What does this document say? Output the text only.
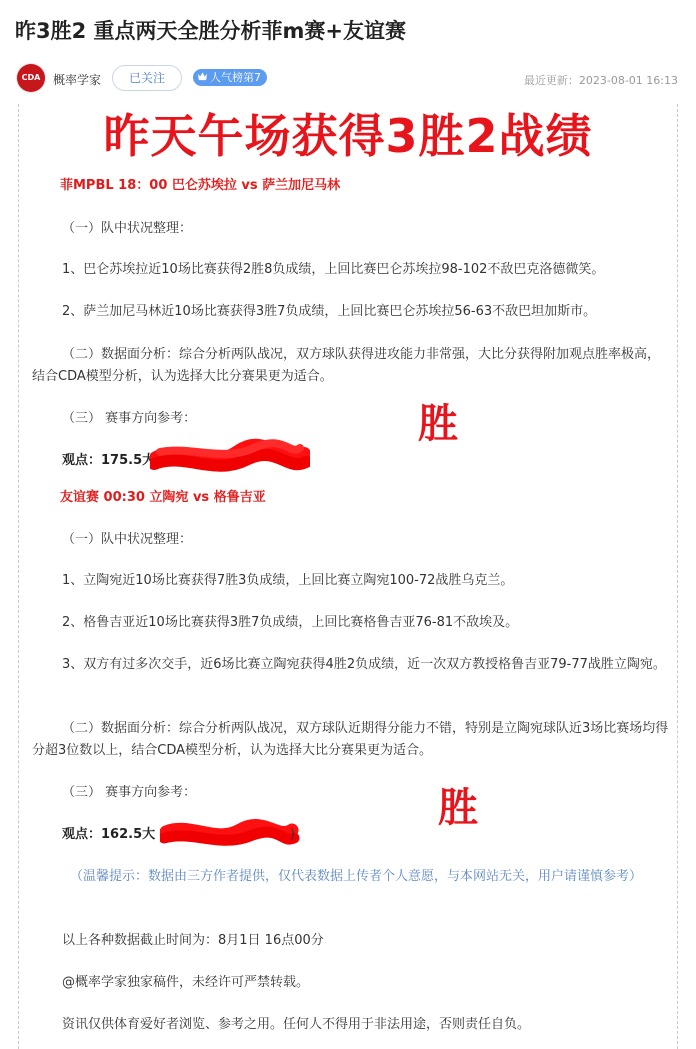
昨3胜2 重点两天全胜分析菲m赛+友谊赛
CDA	概率学家	已关注	人气榜第7	最近更新：2023-08-01 16:13
昨天午场获得3胜2战绩
菲MPBL 18：00 巴仑苏埃拉 vs 萨兰加尼马林
（一）队中状况整理：
1、巴仑苏埃拉近10场比赛获得2胜8负成绩，上回比赛巴仑苏埃拉98-102不敌巴克洛德微笑。
2、萨兰加尼马林近10场比赛获得3胜7负成绩，上回比赛巴仑苏埃拉56-63不敌巴坦加斯市。
（二）数据面分析：综合分析两队战况，双方球队获得进攻能力非常强，大比分获得附加观点胜率极高，结合CDA模型分析，认为选择大比分赛果更为适合。
（三） 赛事方向参考：	胜
观点：175.5大
友谊赛 00:30 立陶宛 vs 格鲁吉亚
（一）队中状况整理：
1、立陶宛近10场比赛获得7胜3负成绩，上回比赛立陶宛100-72战胜乌克兰。
2、格鲁吉亚近10场比赛获得3胜7负成绩，上回比赛格鲁吉亚76-81不敌埃及。
3、双方有过多次交手，近6场比赛立陶宛获得4胜2负成绩，近一次双方教授格鲁吉亚79-77战胜立陶宛。
（二）数据面分析：综合分析两队战况，双方球队近期得分能力不错，特别是立陶宛球队近3场比赛场均得分超3位数以上，结合CDA模型分析，认为选择大比分赛果更为适合。
（三） 赛事方向参考：	胜
观点：162.5大	)
（温馨提示：数据由三方作者提供，仅代表数据上传者个人意愿，与本网站无关，用户请谨慎参考）
以上各种数据截止时间为：8月1日 16点00分
@概率学家独家稿件，未经许可严禁转载。
资讯仅供体育爱好者浏览、参考之用。任何人不得用于非法用途，否则责任自负。
